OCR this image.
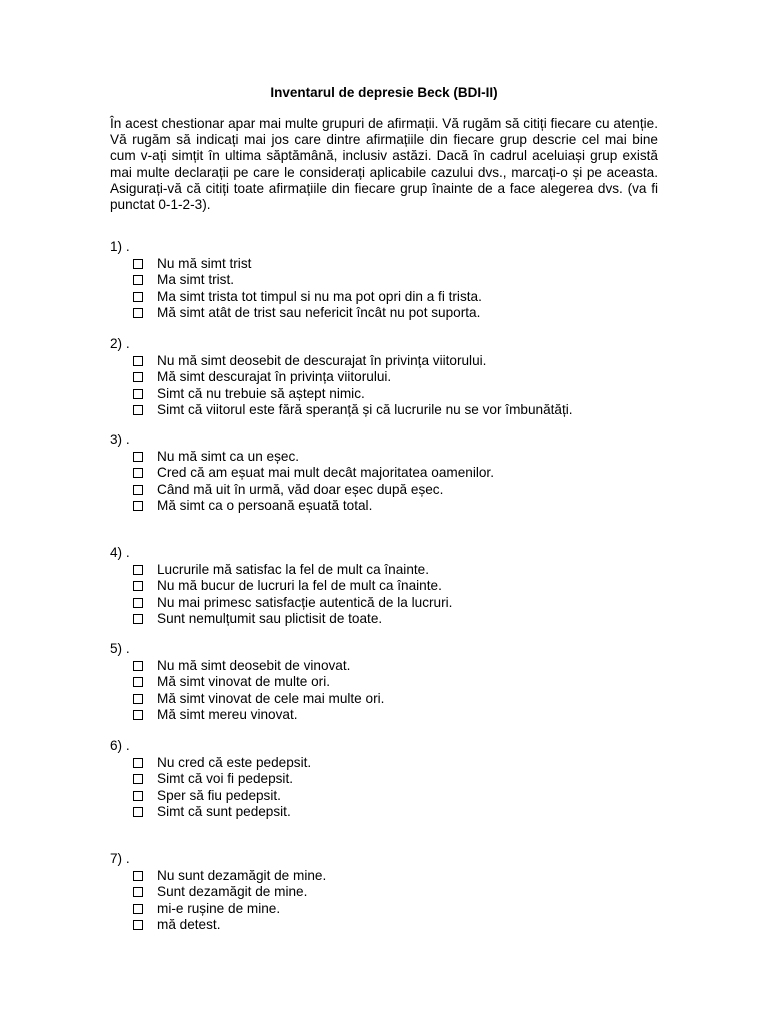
Inventarul de depresie Beck (BDI-II)

În acest chestionar apar mai multe grupuri de afirmații. Vă rugăm să citiți fiecare cu atenție. Vă rugăm să indicați mai jos care dintre afirmațiile din fiecare grup descrie cel mai bine cum v-ați simțit în ultima săptămână, inclusiv astăzi. Dacă în cadrul aceluiași grup există mai multe declarații pe care le considerați aplicabile cazului dvs., marcați-o și pe aceasta. Asigurați-vă că citiți toate afirmațiile din fiecare grup înainte de a face alegerea dvs. (va fi punctat 0-1-2-3).

1) .
Nu mă simt trist
Ma simt trist.
Ma simt trista tot timpul si nu ma pot opri din a fi trista.
Mă simt atât de trist sau nefericit încât nu pot suporta.
2) .
Nu mă simt deosebit de descurajat în privința viitorului.
Mă simt descurajat în privința viitorului.
Simt că nu trebuie să aștept nimic.
Simt că viitorul este fără speranță și că lucrurile nu se vor îmbunătăți.
3) .
Nu mă simt ca un eșec.
Cred că am eșuat mai mult decât majoritatea oamenilor.
Când mă uit în urmă, văd doar eșec după eșec.
Mă simt ca o persoană eșuată total.
4) .
Lucrurile mă satisfac la fel de mult ca înainte.
Nu mă bucur de lucruri la fel de mult ca înainte.
Nu mai primesc satisfacție autentică de la lucruri.
Sunt nemulțumit sau plictisit de toate.
5) .
Nu mă simt deosebit de vinovat.
Mă simt vinovat de multe ori.
Mă simt vinovat de cele mai multe ori.
Mă simt mereu vinovat.
6) .
Nu cred că este pedepsit.
Simt că voi fi pedepsit.
Sper să fiu pedepsit.
Simt că sunt pedepsit.
7) .
Nu sunt dezamăgit de mine.
Sunt dezamăgit de mine.
mi-e rușine de mine.
mă detest.
